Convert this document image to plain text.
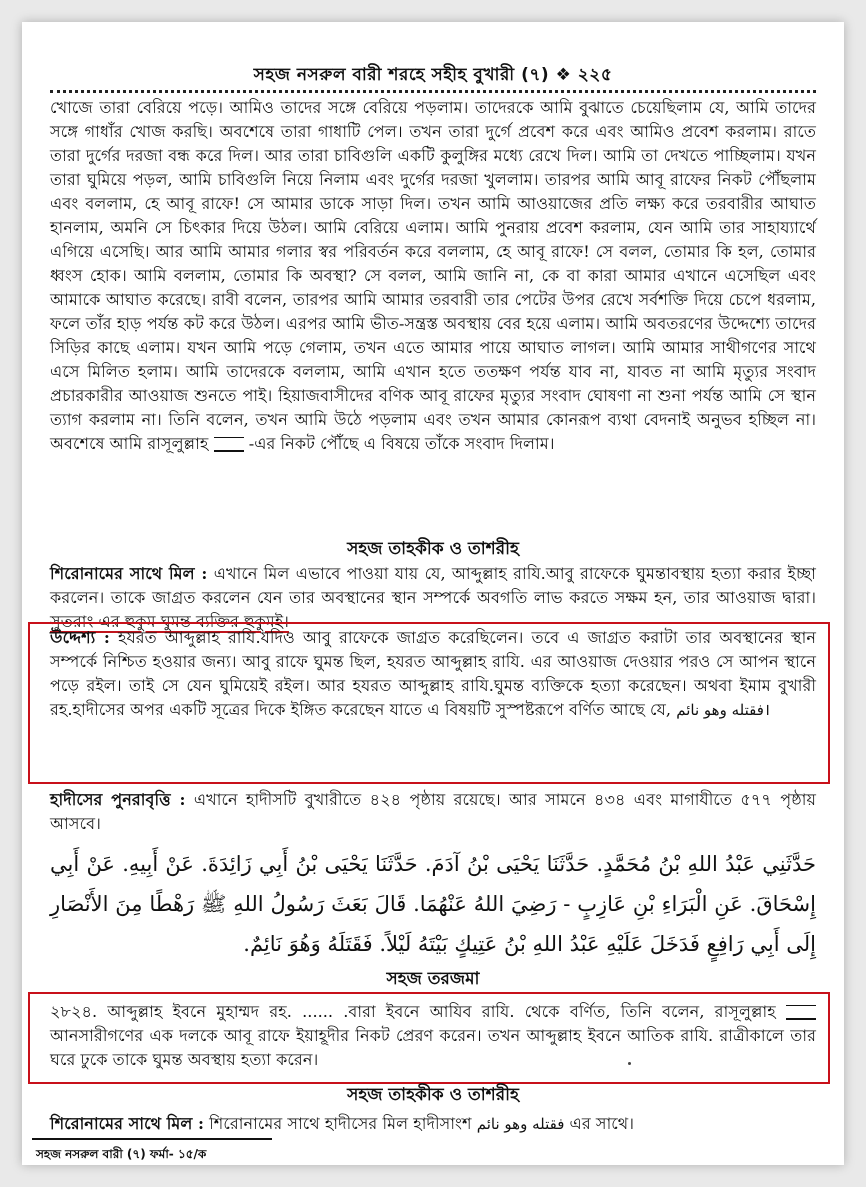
সহজ নসরুল বারী শরহে সহীহ বুখারী (৭) ❖ ২২৫
খোজে তারা বেরিয়ে পড়ে। আমিও তাদের সঙ্গে বেরিয়ে পড়লাম। তাদেরকে আমি বুঝাতে চেয়েছিলাম যে, আমি তাদের সঙ্গে গাধাঁর খোজ করছি। অবশেষে তারা গাধাটি পেল। তখন তারা দুর্গে প্রবেশ করে এবং আমিও প্রবেশ করলাম। রাতে তারা দুর্গের দরজা বন্ধ করে দিল। আর তারা চাবিগুলি একটি কুলুঙ্গির মধ্যে রেখে দিল। আমি তা দেখতে পাচ্ছিলাম। যখন তারা ঘুমিয়ে পড়ল, আমি চাবিগুলি নিয়ে নিলাম এবং দুর্গের দরজা খুললাম। তারপর আমি আবূ রাফের নিকট পৌঁছলাম এবং বললাম, হে আবূ রাফে! সে আমার ডাকে সাড়া দিল। তখন আমি আওয়াজের প্রতি লক্ষ্য করে তরবারীর আঘাত হানলাম, অমনি সে চিৎকার দিয়ে উঠল। আমি বেরিয়ে এলাম। আমি পুনরায় প্রবেশ করলাম, যেন আমি তার সাহায্যার্থে এগিয়ে এসেছি। আর আমি আমার গলার স্বর পরিবর্তন করে বললাম, হে আবূ রাফে! সে বলল, তোমার কি হল, তোমার ধ্বংস হোক। আমি বললাম, তোমার কি অবস্থা? সে বলল, আমি জানি না, কে বা কারা আমার এখানে এসেছিল এবং আমাকে আঘাত করেছে। রাবী বলেন, তারপর আমি আমার তরবারী তার পেটের উপর রেখে সর্বশক্তি দিয়ে চেপে ধরলাম, ফলে তাঁর হাড় পর্যন্ত কট করে উঠল। এরপর আমি ভীত-সন্ত্রস্ত অবস্থায় বের হয়ে এলাম। আমি অবতরণের উদ্দেশ্যে তাদের সিড়ির কাছে এলাম। যখন আমি পড়ে গেলাম, তখন এতে আমার পায়ে আঘাত লাগল। আমি আমার সাথীগণের সাথে এসে মিলিত হলাম। আমি তাদেরকে বললাম, আমি এখান হতে ততক্ষণ পর্যন্ত যাব না, যাবত না আমি মৃত্যুর সংবাদ প্রচারকারীর আওয়াজ শুনতে পাই। হিয়াজবাসীদের বণিক আবূ রাফের মৃত্যুর সংবাদ ঘোষণা না শুনা পর্যন্ত আমি সে স্থান ত্যাগ করলাম না। তিনি বলেন, তখন আমি উঠে পড়লাম এবং তখন আমার কোনরূপ ব্যথা বেদনাই অনুভব হচ্ছিল না। অবশেষে আমি রাসূলুল্লাহ -এর নিকট পৌঁছে এ বিষয়ে তাঁকে সংবাদ দিলাম।
সহজ তাহকীক ও তাশরীহ
শিরোনামের সাথে মিল : এখানে মিল এভাবে পাওয়া যায় যে, আব্দুল্লাহ রাযি.আবু রাফেকে ঘুমন্তাবস্থায় হত্যা করার ইচ্ছা করলেন। তাকে জাগ্রত করলেন যেন তার অবস্থানের স্থান সম্পর্কে অবগতি লাভ করতে সক্ষম হন, তার আওয়াজ দ্বারা। সুতরাং এর হুকুম ঘুমন্ত ব্যক্তির হুকুমই।
উদ্দেশ্য : হযরত আব্দুল্লাহ রাযি.যদিও আবু রাফেকে জাগ্রত করেছিলেন। তবে এ জাগ্রত করাটা তার অবস্থানের স্থান সম্পর্কে নিশ্চিত হওয়ার জন্য। আবু রাফে ঘুমন্ত ছিল, হযরত আব্দুল্লাহ রাযি. এর আওয়াজ দেওয়ার পরও সে আপন স্থানে পড়ে রইল। তাই সে যেন ঘুমিয়েই রইল। আর হযরত আব্দুল্লাহ রাযি.ঘুমন্ত ব্যক্তিকে হত্যা করেছেন। অথবা ইমাম বুখারী রহ.হাদীসের অপর একটি সূত্রের দিকে ইঙ্গিত করেছেন যাতে এ বিষয়টি সুস্পষ্টরূপে বর্ণিত আছে যে, فقتله وهو نائم।
হাদীসের পুনরাবৃত্তি : এখানে হাদীসটি বুখারীতে ৪২৪ পৃষ্ঠায় রয়েছে। আর সামনে ৪৩৪ এবং মাগাযীতে ৫৭৭ পৃষ্ঠায় আসবে।
حَدَّثَنِي عَبْدُ اللهِ بْنُ مُحَمَّدٍ. حَدَّثَنَا يَحْيَى بْنُ آدَمَ. حَدَّثَنَا يَحْيَى بْنُ أَبِي زَائِدَةَ. عَنْ أَبِيهِ. عَنْ أَبِي إِسْحَاقَ. عَنِ الْبَرَاءِ بْنِ عَازِبٍ - رَضِيَ اللهُ عَنْهُمَا. قَالَ بَعَثَ رَسُولُ اللهِ ﷺ رَهْطًا مِنَ الأَنْصَارِ إِلَى أَبِي رَافِعٍ فَدَخَلَ عَلَيْهِ عَبْدُ اللهِ بْنُ عَتِيكٍ بَيْتَهُ لَيْلاً. فَقَتَلَهُ وَهُوَ نَائِمٌ.
সহজ তরজমা
২৮২৪. আব্দুল্লাহ ইবনে মুহাম্মদ রহ. ...... .বারা ইবনে আযিব রাযি. থেকে বর্ণিত, তিনি বলেন, রাসূলুল্লাহ  আনসারীগণের এক দলকে আবূ রাফে ইয়াহূদীর নিকট প্রেরণ করেন। তখন আব্দুল্লাহ ইবনে আতিক রাযি. রাত্রীকালে তার ঘরে ঢুকে তাকে ঘুমন্ত অবস্থায় হত্যা করেন।
সহজ তাহকীক ও তাশরীহ
শিরোনামের সাথে মিল : শিরোনামের সাথে হাদীসের মিল হাদীসাংশ فقتله وهو نائم এর সাথে।
সহজ নসরুল বারী (৭) ফর্মা- ১৫/ক
